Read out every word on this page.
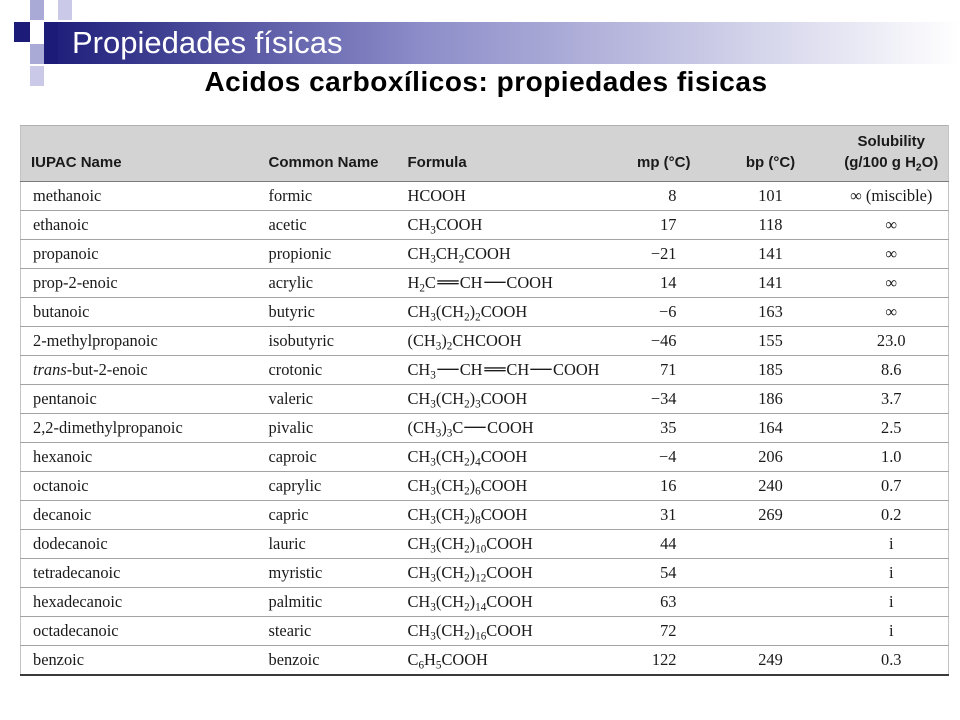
Propiedades físicas
Acidos carboxílicos: propiedades fisicas
IUPAC Name	Common Name	Formula	mp (°C)	bp (°C)	Solubility
(g/100 g $H_2O$)

methanoic	formic	HCOOH	8	101	∞ (miscible)
ethanoic	acetic	$CH_3COOH$	17	118	∞
propanoic	propionic	$CH_3CH_2COOH$	−21	141	∞
prop-2-enoic	acrylic	$H_2C═CH─COOH$	14	141	∞
butanoic	butyric	$CH_3(CH_2)_2COOH$	−6	163	∞
2-methylpropanoic	isobutyric	$(CH_3)_2CHCOOH$	−46	155	23.0
trans-but-2-enoic	crotonic	$CH_3─CH═CH─COOH$	71	185	8.6
pentanoic	valeric	$CH_3(CH_2)_3COOH$	−34	186	3.7
2,2-dimethylpropanoic	pivalic	$(CH_3)_3C─COOH$	35	164	2.5
hexanoic	caproic	$CH_3(CH_2)_4COOH$	−4	206	1.0
octanoic	caprylic	$CH_3(CH_2)_6COOH$	16	240	0.7
decanoic	capric	$CH_3(CH_2)_8COOH$	31	269	0.2
dodecanoic	lauric	$CH_3(CH_2)_{10}COOH$	44		i
tetradecanoic	myristic	$CH_3(CH_2)_{12}COOH$	54		i
hexadecanoic	palmitic	$CH_3(CH_2)_{14}COOH$	63		i
octadecanoic	stearic	$CH_3(CH_2)_{16}COOH$	72		i
benzoic	benzoic	$C_6H_5COOH$	122	249	0.3
